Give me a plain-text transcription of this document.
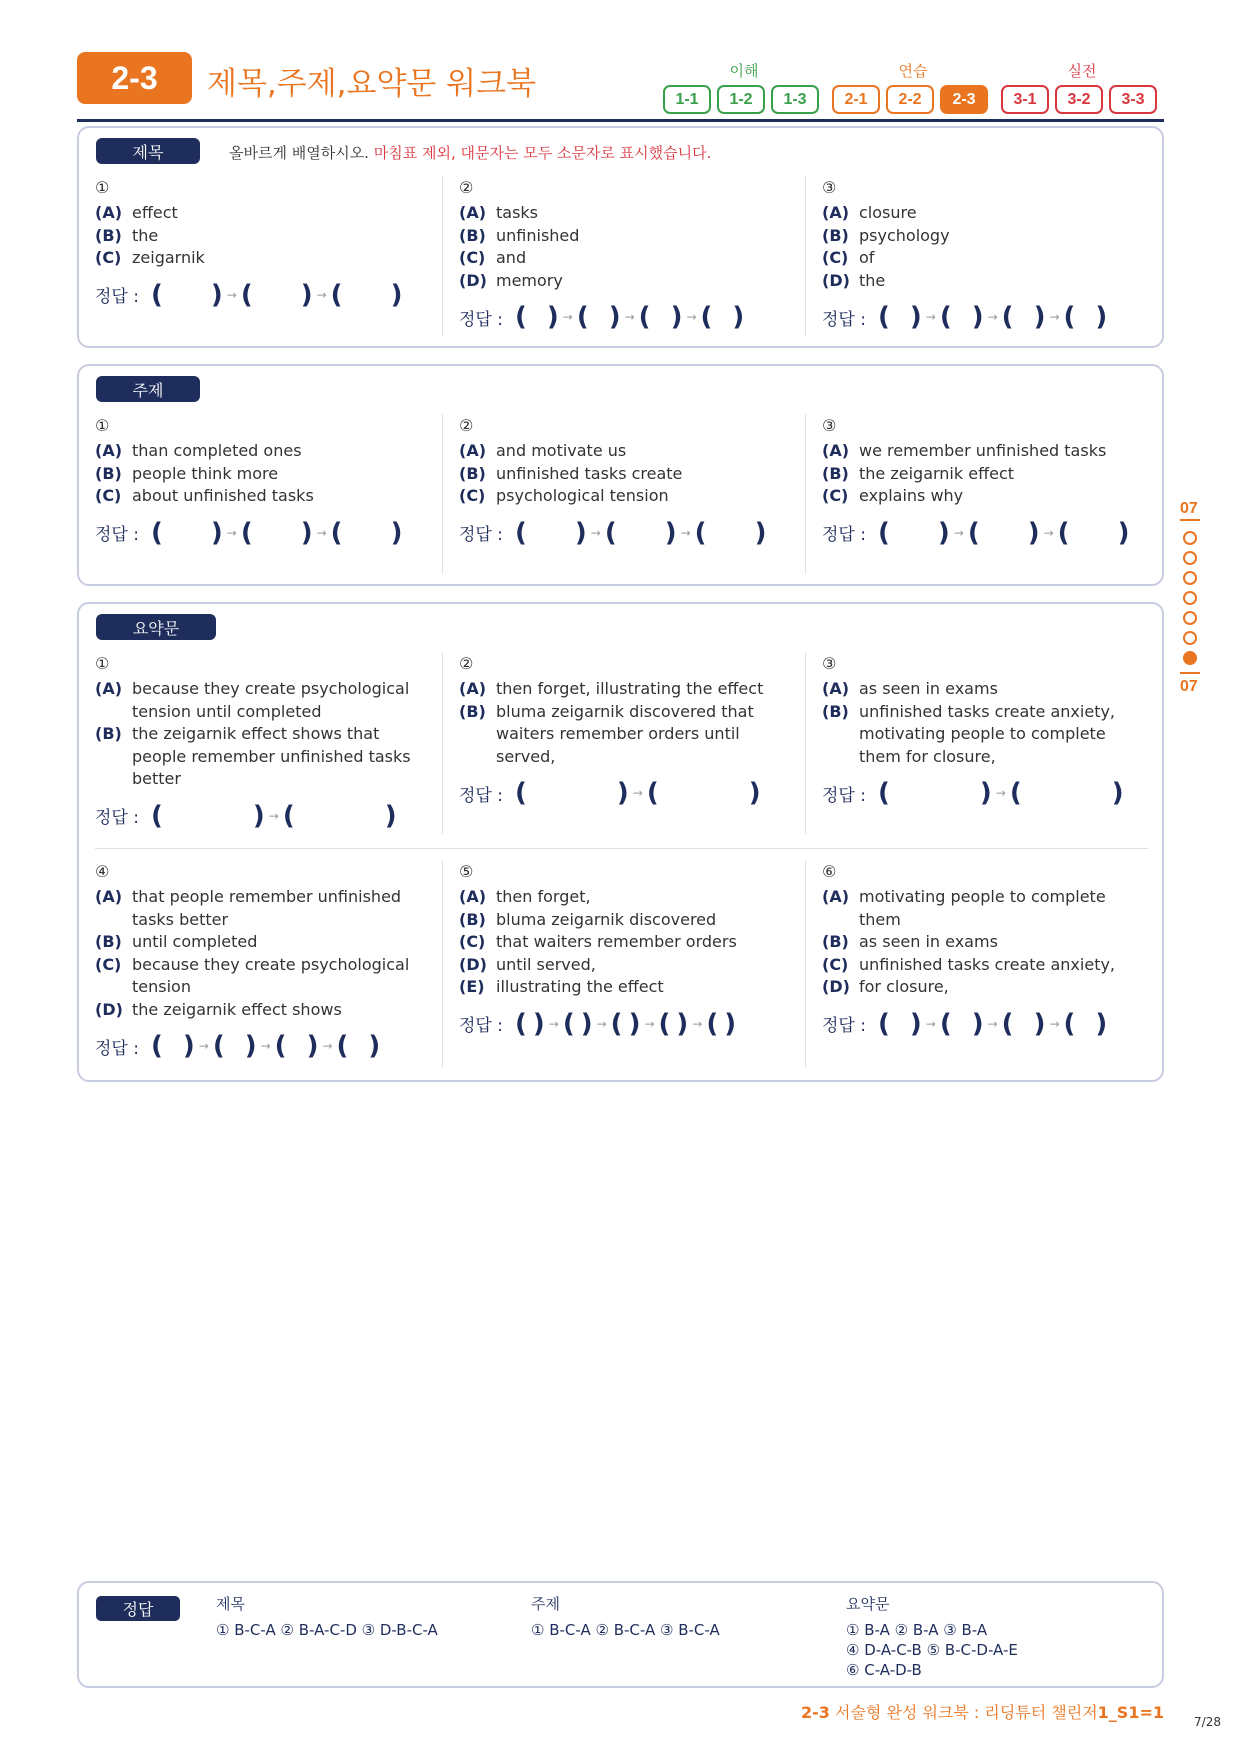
2-3	제목,주제,요약문 워크북	이해	연습	실전
1-1	1-2	1-3	2-1	2-2	2-3	3-1	3-2	3-3
제목	올바르게 배열하시오. 마침표 제외, 대문자는 모두 소문자로 표시했습니다.
①
(A) effect
(B) the
(C) zeigarnik
정답 : ( ) → ( ) → ( )
②
(A) tasks
(B) unfinished
(C) and
(D) memory
정답 : ( ) → ( ) → ( ) → ( )
③
(A) closure
(B) psychology
(C) of
(D) the
정답 : ( ) → ( ) → ( ) → ( )
주제
①
(A) than completed ones
(B) people think more
(C) about unfinished tasks
정답 : ( ) → ( ) → ( )
②
(A) and motivate us
(B) unfinished tasks create
(C) psychological tension
정답 : ( ) → ( ) → ( )
③
(A) we remember unfinished tasks
(B) the zeigarnik effect
(C) explains why
정답 : ( ) → ( ) → ( )
요약문
①
(A) because they create psychological tension until completed
(B) the zeigarnik effect shows that people remember unfinished tasks better
정답 : (	) → (	)
②
(A) then forget, illustrating the effect
(B) bluma zeigarnik discovered that waiters remember orders until served,
정답 : (	) → (	)
③
(A) as seen in exams
(B) unfinished tasks create anxiety, motivating people to complete them for closure,
정답 : (	) → (	)
④
(A) that people remember unfinished tasks better
(B) until completed
(C) because they create psychological tension
(D) the zeigarnik effect shows
정답 : ( ) → ( ) → ( ) → ( )
⑤
(A) then forget,
(B) bluma zeigarnik discovered
(C) that waiters remember orders
(D) until served,
(E) illustrating the effect
정답 : ( ) → ( ) → ( ) → ( ) → ( )
⑥
(A) motivating people to complete them
(B) as seen in exams
(C) unfinished tasks create anxiety,
(D) for closure,
정답 : ( ) → ( ) → ( ) → ( )
07
07
정답	제목
① B-C-A ② B-A-C-D ③ D-B-C-A
주제
① B-C-A ② B-C-A ③ B-C-A
요약문
① B-A ② B-A ③ B-A
④ D-A-C-B ⑤ B-C-D-A-E
⑥ C-A-D-B
2-3 서술형 완성 워크북 : 리딩튜터 챌린저1_S1=1	7/28
